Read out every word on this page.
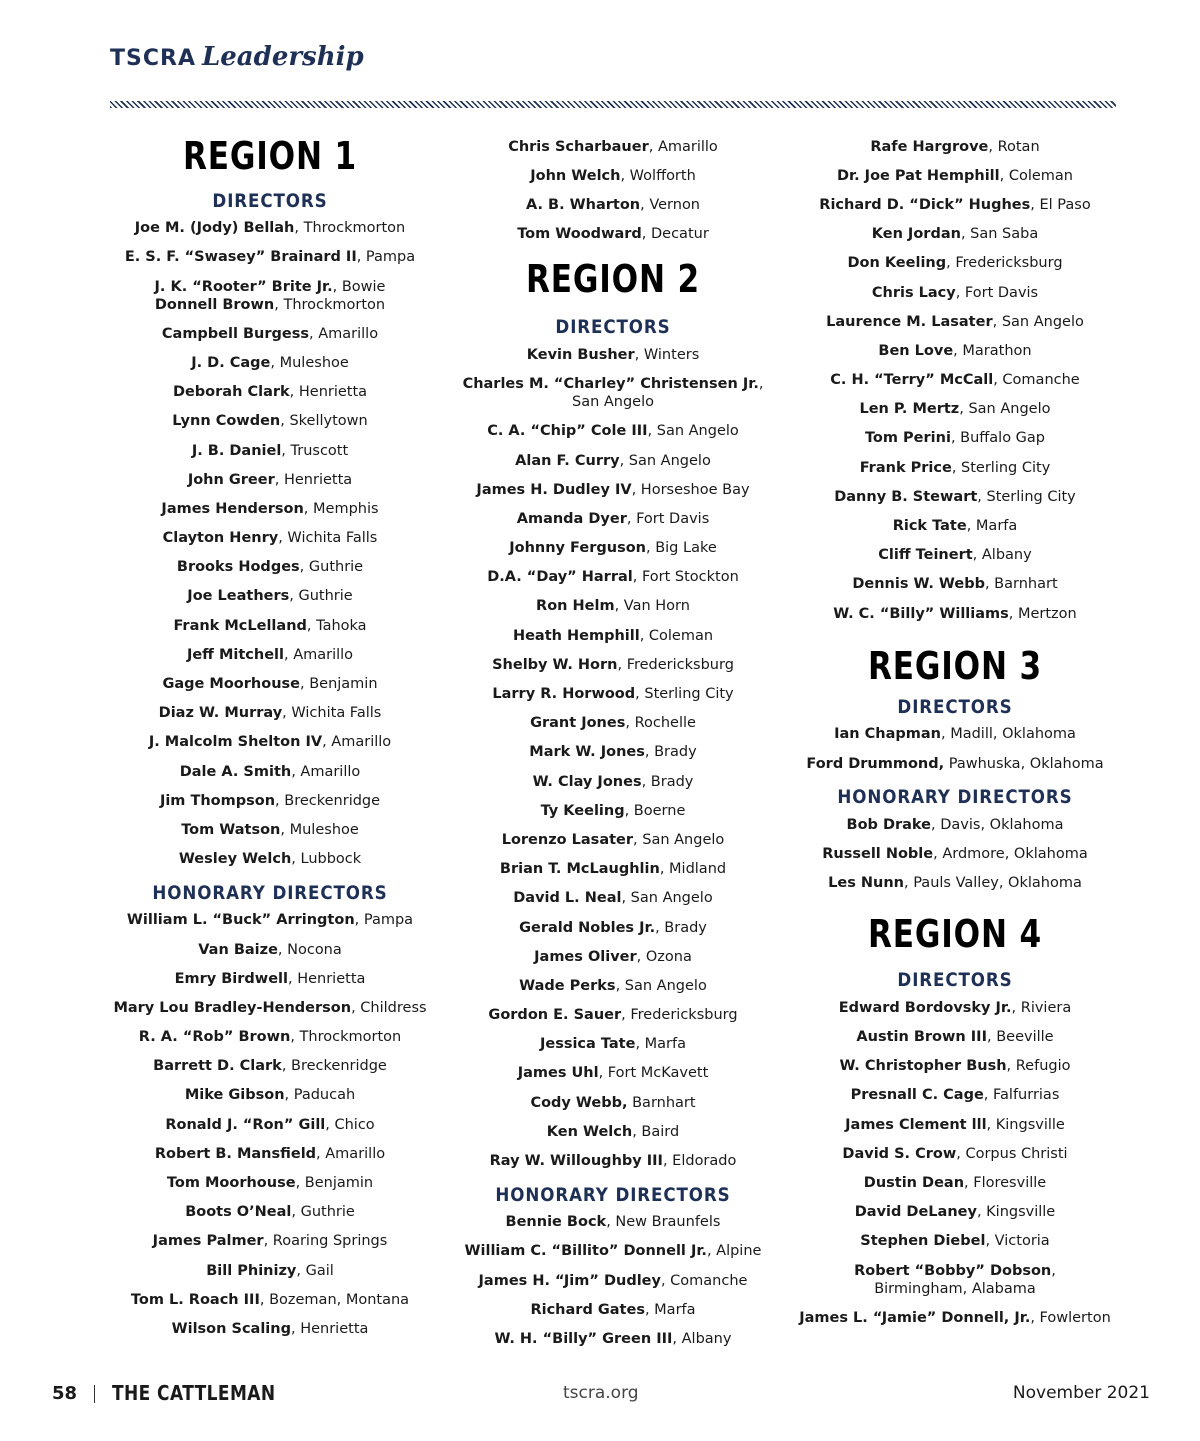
TSCRA Leadership
REGION 1
DIRECTORS
Joe M. (Jody) Bellah, Throckmorton
E. S. F. “Swasey” Brainard II, Pampa
J. K. “Rooter” Brite Jr., Bowie
Donnell Brown, Throckmorton
Campbell Burgess, Amarillo
J. D. Cage, Muleshoe
Deborah Clark, Henrietta
Lynn Cowden, Skellytown
J. B. Daniel, Truscott
John Greer, Henrietta
James Henderson, Memphis
Clayton Henry, Wichita Falls
Brooks Hodges, Guthrie
Joe Leathers, Guthrie
Frank McLelland, Tahoka
Jeff Mitchell, Amarillo
Gage Moorhouse, Benjamin
Diaz W. Murray, Wichita Falls
J. Malcolm Shelton IV, Amarillo
Dale A. Smith, Amarillo
Jim Thompson, Breckenridge
Tom Watson, Muleshoe
Wesley Welch, Lubbock
HONORARY DIRECTORS
William L. “Buck” Arrington, Pampa
Van Baize, Nocona
Emry Birdwell, Henrietta
Mary Lou Bradley-Henderson, Childress
R. A. “Rob” Brown, Throckmorton
Barrett D. Clark, Breckenridge
Mike Gibson, Paducah
Ronald J. “Ron” Gill, Chico
Robert B. Mansfield, Amarillo
Tom Moorhouse, Benjamin
Boots O’Neal, Guthrie
James Palmer, Roaring Springs
Bill Phinizy, Gail
Tom L. Roach III, Bozeman, Montana
Wilson Scaling, Henrietta
Chris Scharbauer, Amarillo
John Welch, Wolfforth
A. B. Wharton, Vernon
Tom Woodward, Decatur
REGION 2
DIRECTORS
Kevin Busher, Winters
Charles M. “Charley” Christensen Jr.,
San Angelo
C. A. “Chip” Cole III, San Angelo
Alan F. Curry, San Angelo
James H. Dudley IV, Horseshoe Bay
Amanda Dyer, Fort Davis
Johnny Ferguson, Big Lake
D.A. “Day” Harral, Fort Stockton
Ron Helm, Van Horn
Heath Hemphill, Coleman
Shelby W. Horn, Fredericksburg
Larry R. Horwood, Sterling City
Grant Jones, Rochelle
Mark W. Jones, Brady
W. Clay Jones, Brady
Ty Keeling, Boerne
Lorenzo Lasater, San Angelo
Brian T. McLaughlin, Midland
David L. Neal, San Angelo
Gerald Nobles Jr., Brady
James Oliver, Ozona
Wade Perks, San Angelo
Gordon E. Sauer, Fredericksburg
Jessica Tate, Marfa
James Uhl, Fort McKavett
Cody Webb, Barnhart
Ken Welch, Baird
Ray W. Willoughby III, Eldorado
HONORARY DIRECTORS
Bennie Bock, New Braunfels
William C. “Billito” Donnell Jr., Alpine
James H. “Jim” Dudley, Comanche
Richard Gates, Marfa
W. H. “Billy” Green III, Albany
Rafe Hargrove, Rotan
Dr. Joe Pat Hemphill, Coleman
Richard D. “Dick” Hughes, El Paso
Ken Jordan, San Saba
Don Keeling, Fredericksburg
Chris Lacy, Fort Davis
Laurence M. Lasater, San Angelo
Ben Love, Marathon
C. H. “Terry” McCall, Comanche
Len P. Mertz, San Angelo
Tom Perini, Buffalo Gap
Frank Price, Sterling City
Danny B. Stewart, Sterling City
Rick Tate, Marfa
Cliff Teinert, Albany
Dennis W. Webb, Barnhart
W. C. “Billy” Williams, Mertzon
REGION 3
DIRECTORS
Ian Chapman, Madill, Oklahoma
Ford Drummond, Pawhuska, Oklahoma
HONORARY DIRECTORS
Bob Drake, Davis, Oklahoma
Russell Noble, Ardmore, Oklahoma
Les Nunn, Pauls Valley, Oklahoma
REGION 4
DIRECTORS
Edward Bordovsky Jr., Riviera
Austin Brown III, Beeville
W. Christopher Bush, Refugio
Presnall C. Cage, Falfurrias
James Clement lll, Kingsville
David S. Crow, Corpus Christi
Dustin Dean, Floresville
David DeLaney, Kingsville
Stephen Diebel, Victoria
Robert “Bobby” Dobson,
Birmingham, Alabama
James L. “Jamie” Donnell, Jr., Fowlerton
58 THE CATTLEMAN	tscra.org	November 2021
